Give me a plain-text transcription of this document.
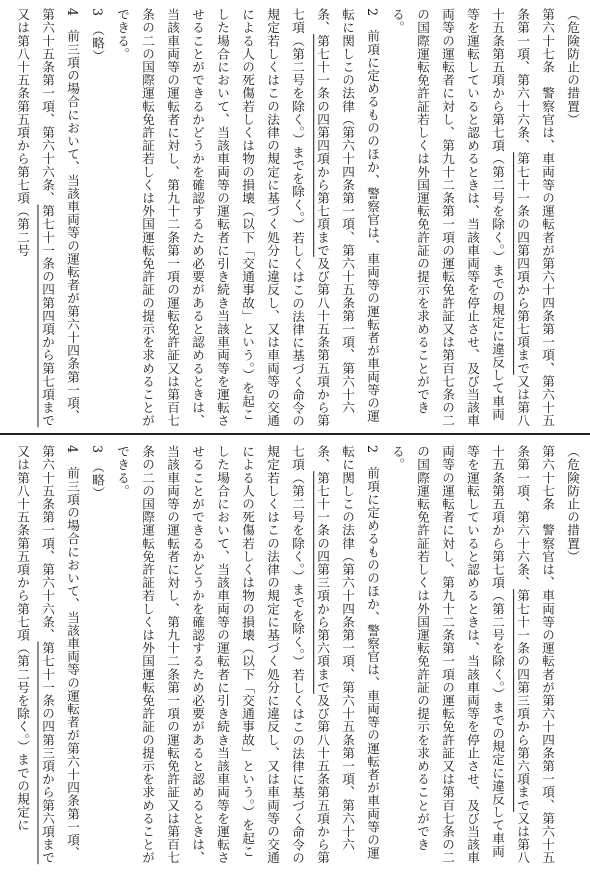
（危険防止の措置）

第六十七条　警察官は、車両等の運転者が第六十四条第一項、第六十五条第一項、第六十六条、第七十一条の四第四項から第七項まで又は第八十五条第五項から第七項（第二号を除く。）までの規定に違反して車両等を運転していると認めるときは、当該車両等を停止させ、及び当該車両等の運転者に対し、第九十二条第一項の運転免許証又は第百七条の二の国際運転免許証若しくは外国運転免許証の提示を求めることができる。

2　前項に定めるもののほか、警察官は、車両等の運転者が車両等の運転に関しこの法律（第六十四条第一項、第六十五条第一項、第六十六条、第七十一条の四第四項から第七項まで及び第八十五条第五項から第七項（第二号を除く。）までを除く。）若しくはこの法律に基づく命令の規定若しくはこの法律の規定に基づく処分に違反し、又は車両等の交通による人の死傷若しくは物の損壊（以下「交通事故」という。）を起こした場合において、当該車両等の運転者に引き続き当該車両等を運転させることができるかどうかを確認するため必要があると認めるときは、当該車両等の運転者に対し、第九十二条第一項の運転免許証又は第百七条の二の国際運転免許証若しくは外国運転免許証の提示を求めることができる。

3　（略）

4　前三項の場合において、当該車両等の運転者が第六十四条第一項、第六十五条第一項、第六十六条、第七十一条の四第四項から第七項まで又は第八十五条第五項から第七項（第二号

（危険防止の措置）

第六十七条　警察官は、車両等の運転者が第六十四条第一項、第六十五条第一項、第六十六条、第七十一条の四第三項から第六項まで又は第八十五条第五項から第七項（第二号を除く。）までの規定に違反して車両等を運転していると認めるときは、当該車両等を停止させ、及び当該車両等の運転者に対し、第九十二条第一項の運転免許証又は第百七条の二の国際運転免許証若しくは外国運転免許証の提示を求めることができる。

2　前項に定めるもののほか、警察官は、車両等の運転者が車両等の運転に関しこの法律（第六十四条第一項、第六十五条第一項、第六十六条、第七十一条の四第三項から第六項まで及び第八十五条第五項から第七項（第二号を除く。）までを除く。）若しくはこの法律に基づく命令の規定若しくはこの法律の規定に基づく処分に違反し、又は車両等の交通による人の死傷若しくは物の損壊（以下「交通事故」という。）を起こした場合において、当該車両等の運転者に引き続き当該車両等を運転させることができるかどうかを確認するため必要があると認めるときは、当該車両等の運転者に対し、第九十二条第一項の運転免許証又は第百七条の二の国際運転免許証若しくは外国運転免許証の提示を求めることができる。

3　（略）

4　前三項の場合において、当該車両等の運転者が第六十四条第一項、第六十五条第一項、第六十六条、第七十一条の四第三項から第六項まで又は第八十五条第五項から第七項（第二号を除く。）までの規定に
